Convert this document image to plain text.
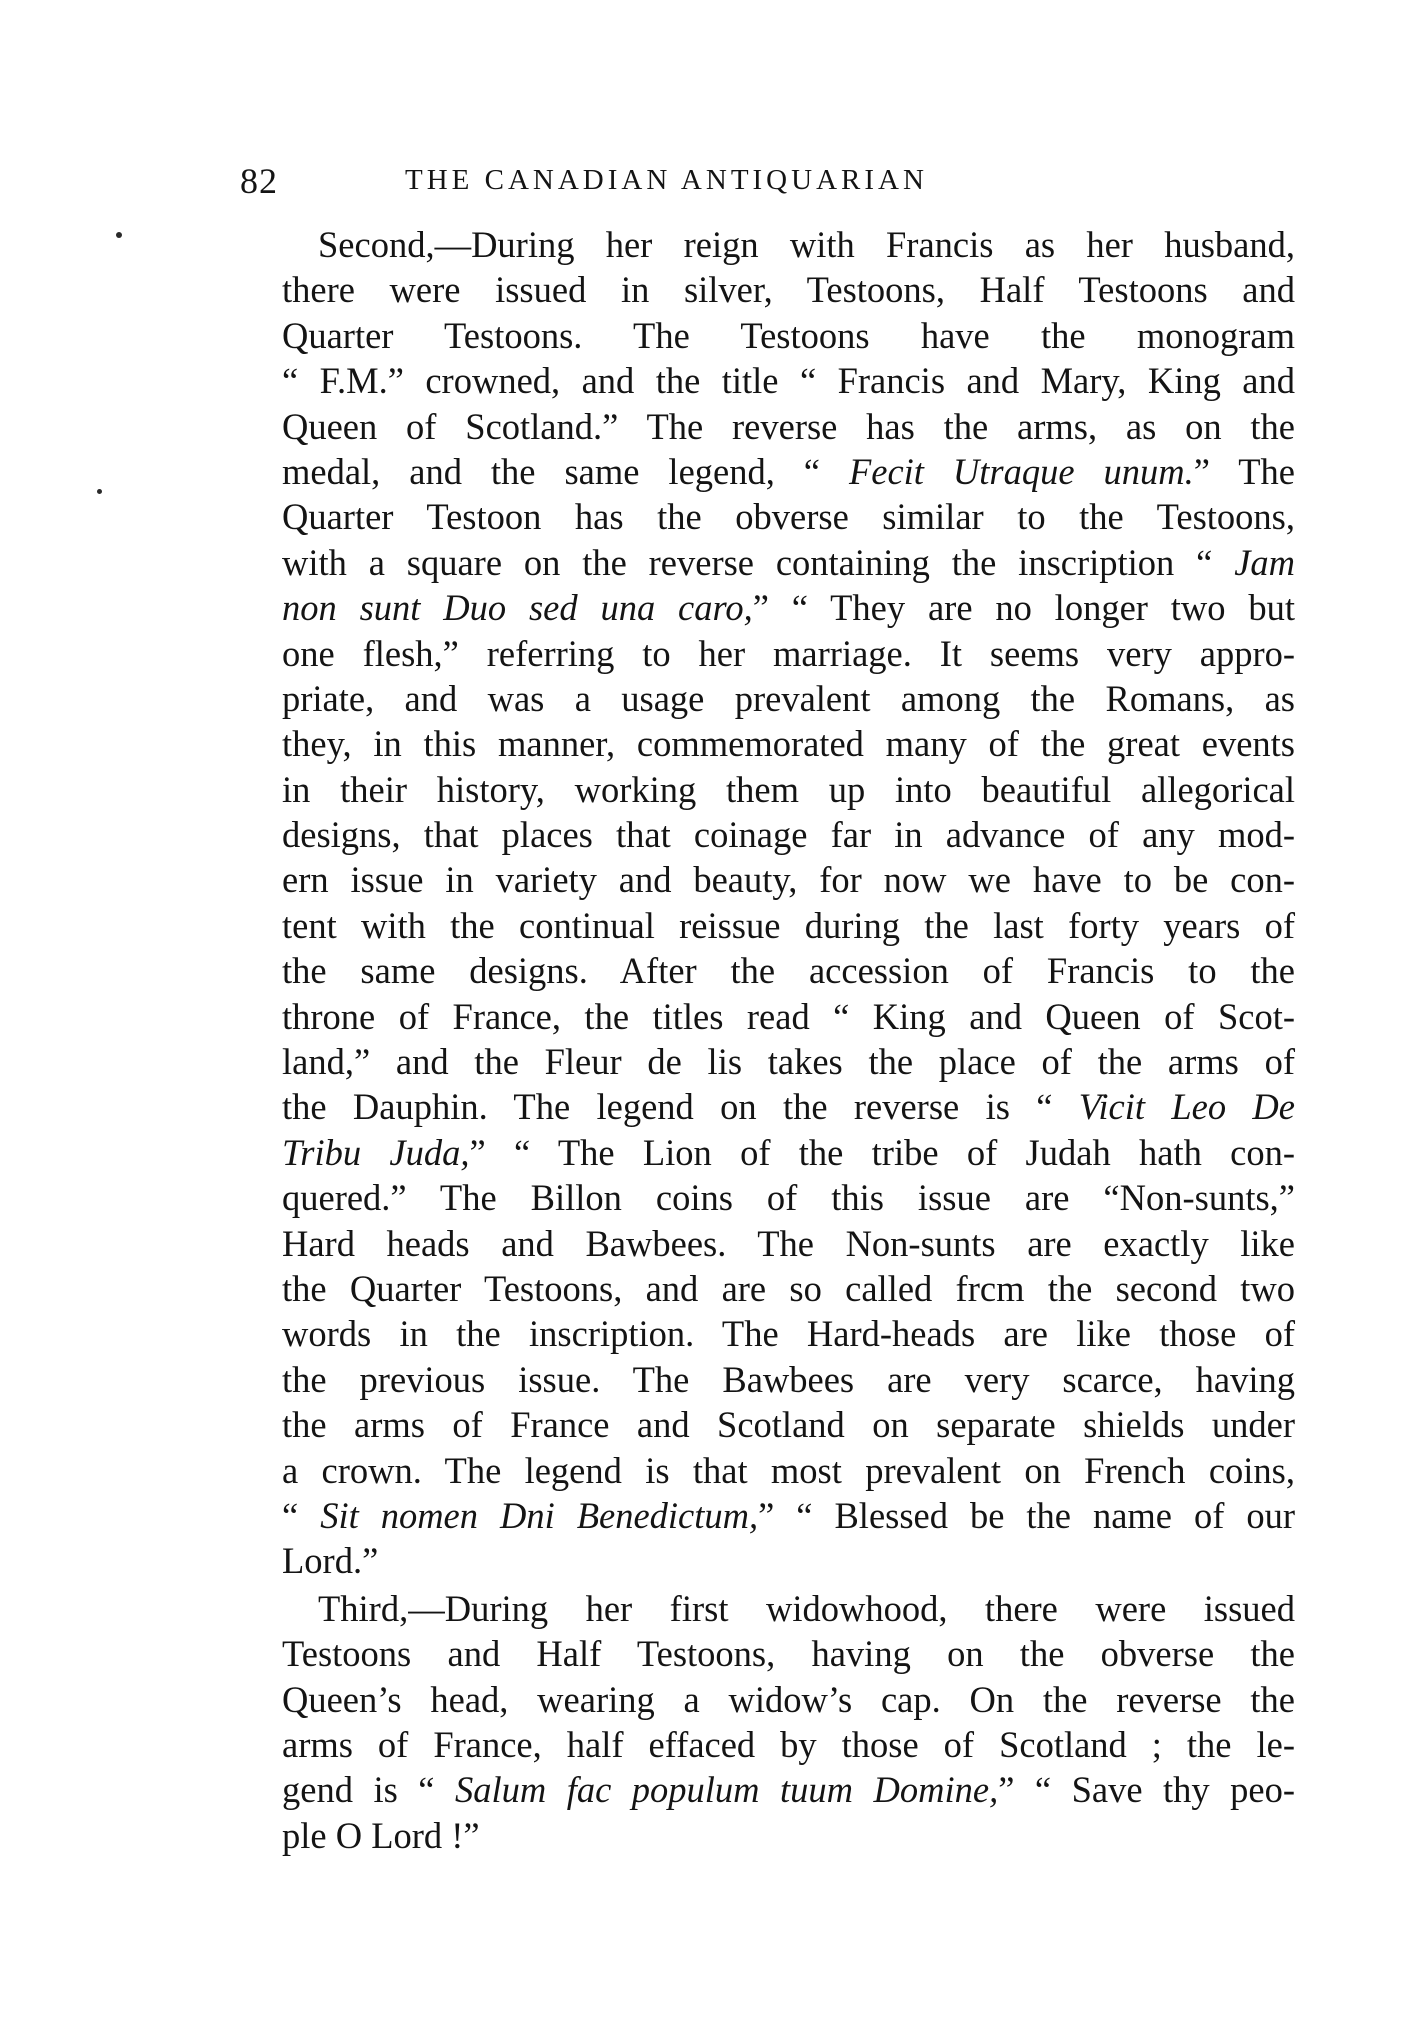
82	THE CANADIAN ANTIQUARIAN
Second,—During her reign with Francis as her husband,
there were issued in silver, Testoons, Half Testoons and
Quarter Testoons. The Testoons have the monogram
“ F.M.” crowned, and the title “ Francis and Mary, King and
Queen of Scotland.” The reverse has the arms, as on the
medal, and the same legend, “ Fecit Utraque unum.” The
Quarter Testoon has the obverse similar to the Testoons,
with a square on the reverse containing the inscription “ Jam
non sunt Duo sed una caro,” “ They are no longer two but
one flesh,” referring to her marriage. It seems very appro-
priate, and was a usage prevalent among the Romans, as
they, in this manner, commemorated many of the great events
in their history, working them up into beautiful allegorical
designs, that places that coinage far in advance of any mod-
ern issue in variety and beauty, for now we have to be con-
tent with the continual reissue during the last forty years of
the same designs. After the accession of Francis to the
throne of France, the titles read “ King and Queen of Scot-
land,” and the Fleur de lis takes the place of the arms of
the Dauphin. The legend on the reverse is “ Vicit Leo De
Tribu Juda,” “ The Lion of the tribe of Judah hath con-
quered.” The Billon coins of this issue are “Non-sunts,”
Hard heads and Bawbees. The Non-sunts are exactly like
the Quarter Testoons, and are so called frcm the second two
words in the inscription. The Hard-heads are like those of
the previous issue. The Bawbees are very scarce, having
the arms of France and Scotland on separate shields under
a crown. The legend is that most prevalent on French coins,
“ Sit nomen Dni Benedictum,” “ Blessed be the name of our
Lord.”
Third,—During her first widowhood, there were issued
Testoons and Half Testoons, having on the obverse the
Queen’s head, wearing a widow’s cap. On the reverse the
arms of France, half effaced by those of Scotland ; the le-
gend is “ Salum fac populum tuum Domine,” “ Save thy peo-
ple O Lord !”
